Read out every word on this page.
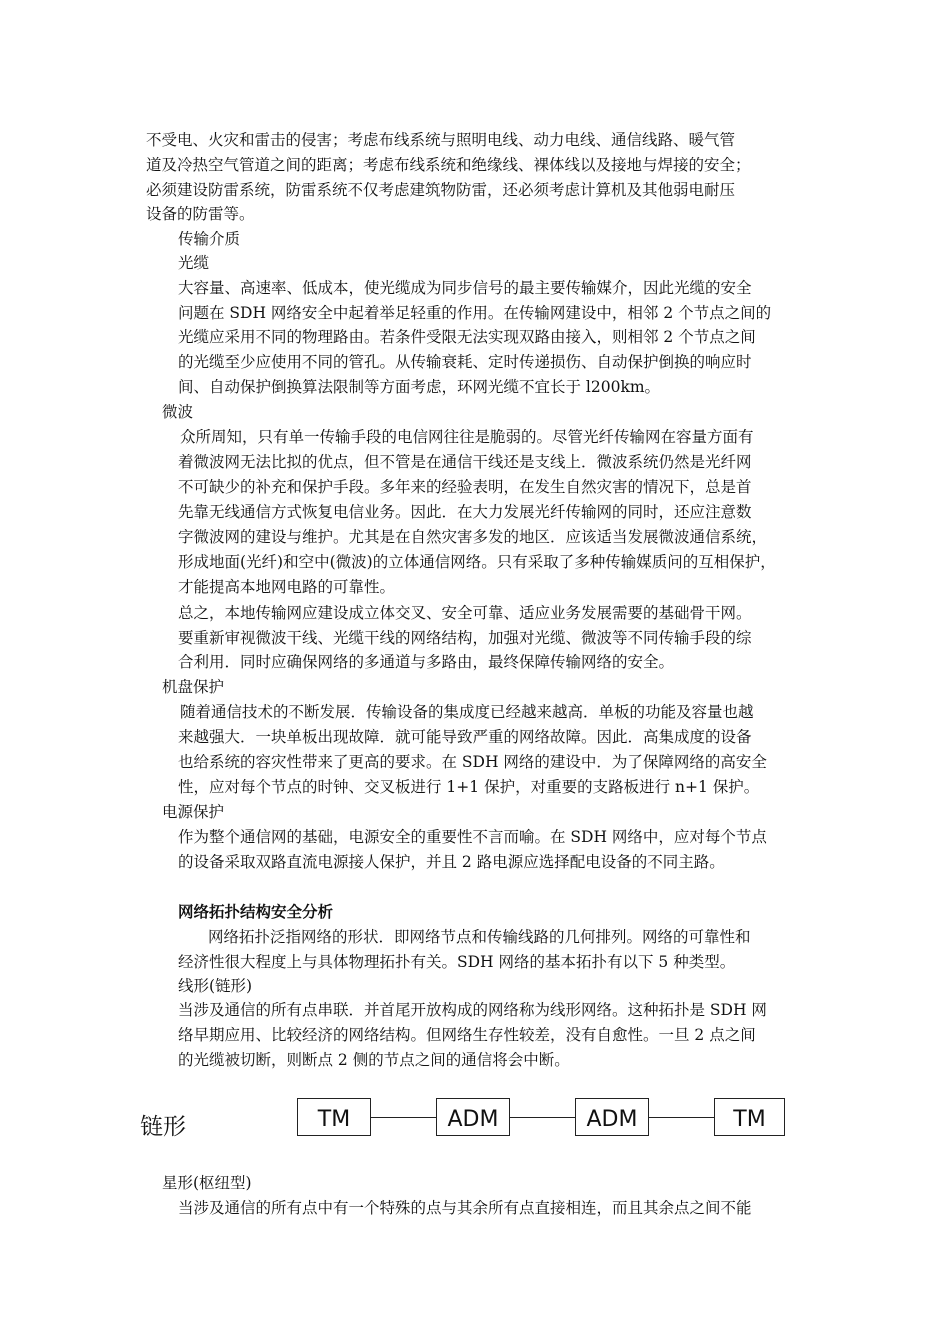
不受电、火灾和雷击的侵害；考虑布线系统与照明电线、动力电线、通信线路、暖气管
道及冷热空气管道之间的距离；考虑布线系统和绝缘线、裸体线以及接地与焊接的安全；
必须建设防雷系统，防雷系统不仅考虑建筑物防雷，还必须考虑计算机及其他弱电耐压
设备的防雷等。
传输介质
光缆
大容量、高速率、低成本，使光缆成为同步信号的最主要传输媒介，因此光缆的安全
问题在 SDH 网络安全中起着举足轻重的作用。在传输网建设中，相邻 2 个节点之间的
光缆应采用不同的物理路由。若条件受限无法实现双路由接入，则相邻 2 个节点之间
的光缆至少应使用不同的管孔。从传输衰耗、定时传递损伤、自动保护倒换的响应时
间、自动保护倒换算法限制等方面考虑，环网光缆不宜长于 l200km。
微波
众所周知，只有单一传输手段的电信网往往是脆弱的。尽管光纤传输网在容量方面有
着微波网无法比拟的优点，但不管是在通信干线还是支线上．微波系统仍然是光纤网
不可缺少的补充和保护手段。多年来的经验表明，在发生自然灾害的情况下，总是首
先靠无线通信方式恢复电信业务。因此．在大力发展光纤传输网的同时，还应注意数
字微波网的建设与维护。尤其是在自然灾害多发的地区．应该适当发展微波通信系统，
形成地面(光纤)和空中(微波)的立体通信网络。只有采取了多种传输媒质问的互相保护，
才能提高本地网电路的可靠性。
总之，本地传输网应建设成立体交叉、安全可靠、适应业务发展需要的基础骨干网。
要重新审视微波干线、光缆干线的网络结构，加强对光缆、微波等不同传输手段的综
合利用．同时应确保网络的多通道与多路由，最终保障传输网络的安全。
机盘保护
随着通信技术的不断发展．传输设备的集成度已经越来越高．单板的功能及容量也越
来越强大．一块单板出现故障．就可能导致严重的网络故障。因此．高集成度的设备
也给系统的容灾性带来了更高的要求。在 SDH 网络的建设中．为了保障网络的高安全
性，应对每个节点的时钟、交叉板进行 1+1 保护，对重要的支路板进行 n+1 保护。
电源保护
作为整个通信网的基础，电源安全的重要性不言而喻。在 SDH 网络中，应对每个节点
的设备采取双路直流电源接人保护，并且 2 路电源应选择配电设备的不同主路。
网络拓扑结构安全分析
网络拓扑泛指网络的形状．即网络节点和传输线路的几何排列。网络的可靠性和
经济性很大程度上与具体物理拓扑有关。SDH 网络的基本拓扑有以下 5 种类型。
线形(链形)
当涉及通信的所有点串联．并首尾开放构成的网络称为线形网络。这种拓扑是 SDH 网
络早期应用、比较经济的网络结构。但网络生存性较差，没有自愈性。一旦 2 点之间
的光缆被切断，则断点 2 侧的节点之间的通信将会中断。
链形	TM	ADM	ADM	TM
星形(枢纽型)
当涉及通信的所有点中有一个特殊的点与其余所有点直接相连，而且其余点之间不能
